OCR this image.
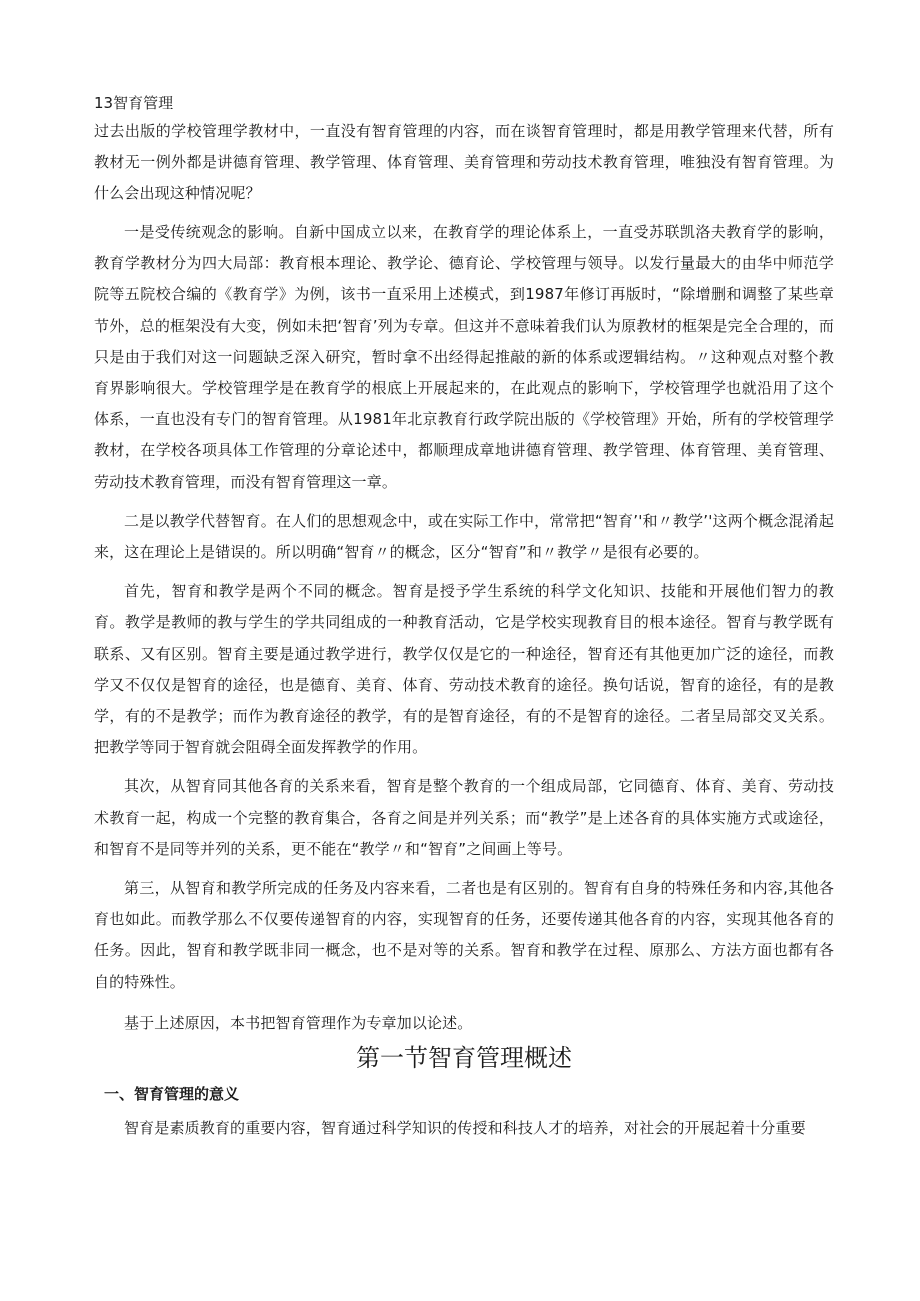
13智育管理

过去出版的学校管理学教材中，一直没有智育管理的内容，而在谈智育管理时，都是用教学管理来代替，所有教材无一例外都是讲德育管理、教学管理、体育管理、美育管理和劳动技术教育管理，唯独没有智育管理。为什么会出现这种情况呢？

一是受传统观念的影响。自新中国成立以来，在教育学的理论体系上，一直受苏联凯洛夫教育学的影响，教育学教材分为四大局部：教育根本理论、教学论、德育论、学校管理与领导。以发行量最大的由华中师范学院等五院校合编的《教育学》为例，该书一直采用上述模式，到1987年修订再版时，“除增删和调整了某些章节外，总的框架没有大变，例如未把‘智育’列为专章。但这并不意味着我们认为原教材的框架是完全合理的，而只是由于我们对这一问题缺乏深入研究，暂时拿不出经得起推敲的新的体系或逻辑结构。〃这种观点对整个教育界影响很大。学校管理学是在教育学的根底上开展起来的，在此观点的影响下，学校管理学也就沿用了这个体系，一直也没有专门的智育管理。从1981年北京教育行政学院出版的《学校管理》开始，所有的学校管理学教材，在学校各项具体工作管理的分章论述中，都顺理成章地讲德育管理、教学管理、体育管理、美育管理、劳动技术教育管理，而没有智育管理这一章。

二是以教学代替智育。在人们的思想观念中，或在实际工作中，常常把“智育’'和〃教学’'这两个概念混淆起来，这在理论上是错误的。所以明确“智育〃的概念，区分“智育”和〃教学〃是很有必要的。

首先，智育和教学是两个不同的概念。智育是授予学生系统的科学文化知识、技能和开展他们智力的教育。教学是教师的教与学生的学共同组成的一种教育活动，它是学校实现教育目的根本途径。智育与教学既有联系、又有区别。智育主要是通过教学进行，教学仅仅是它的一种途径，智育还有其他更加广泛的途径，而教学又不仅仅是智育的途径，也是德育、美育、体育、劳动技术教育的途径。换句话说，智育的途径，有的是教学，有的不是教学；而作为教育途径的教学，有的是智育途径，有的不是智育的途径。二者呈局部交叉关系。把教学等同于智育就会阻碍全面发挥教学的作用。

其次，从智育同其他各育的关系来看，智育是整个教育的一个组成局部，它同德育、体育、美育、劳动技术教育一起，构成一个完整的教育集合，各育之间是并列关系；而“教学”是上述各育的具体实施方式或途径，和智育不是同等并列的关系，更不能在“教学〃和“智育”之间画上等号。

第三，从智育和教学所完成的任务及内容来看，二者也是有区别的。智育有自身的特殊任务和内容,其他各育也如此。而教学那么不仅要传递智育的内容，实现智育的任务，还要传递其他各育的内容，实现其他各育的任务。因此，智育和教学既非同一概念，也不是对等的关系。智育和教学在过程、原那么、方法方面也都有各自的特殊性。

基于上述原因，本书把智育管理作为专章加以论述。

第一节智育管理概述
一、智育管理的意义

智育是素质教育的重要内容，智育通过科学知识的传授和科技人才的培养，对社会的开展起着十分重要
